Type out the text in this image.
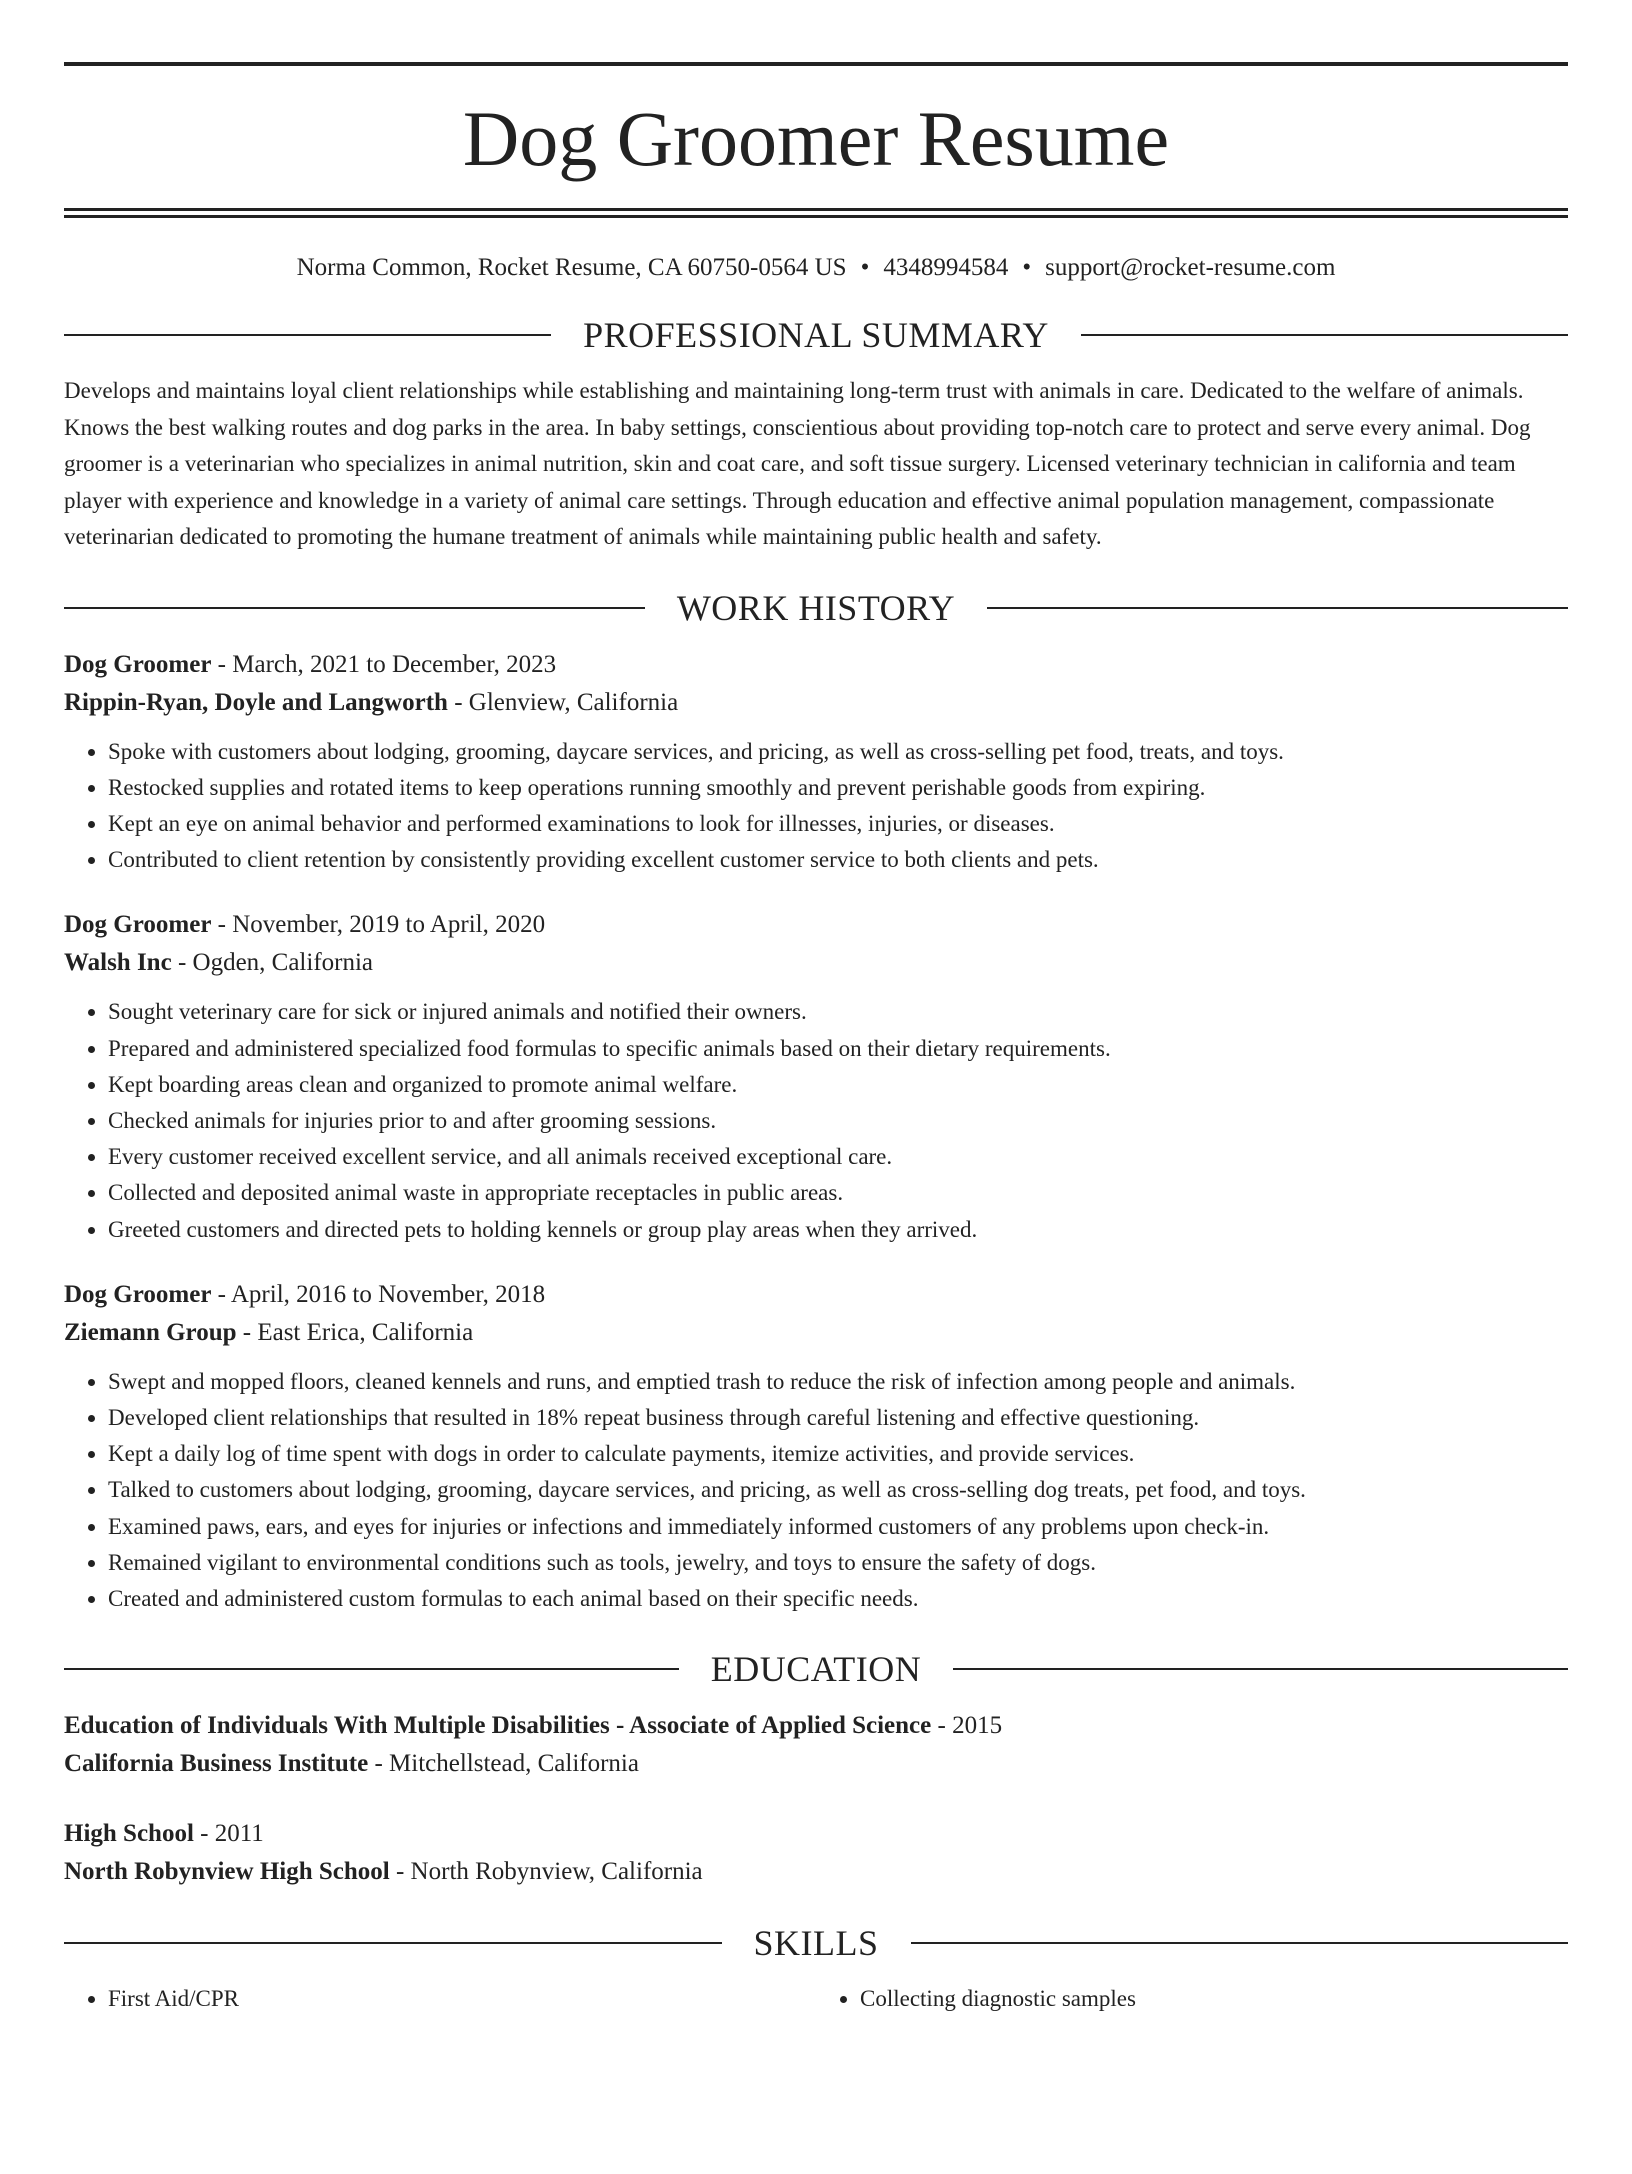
Dog Groomer Resume
Norma Common, Rocket Resume, CA 60750-0564 US • 4348994584 • support@rocket-resume.com
PROFESSIONAL SUMMARY

Develops and maintains loyal client relationships while establishing and maintaining long-term trust with animals in care. Dedicated to the welfare of animals. Knows the best walking routes and dog parks in the area. In baby settings, conscientious about providing top-notch care to protect and serve every animal. Dog groomer is a veterinarian who specializes in animal nutrition, skin and coat care, and soft tissue surgery. Licensed veterinary technician in california and team player with experience and knowledge in a variety of animal care settings. Through education and effective animal population management, compassionate veterinarian dedicated to promoting the humane treatment of animals while maintaining public health and safety.

WORK HISTORY
Dog Groomer - March, 2021 to December, 2023
Rippin-Ryan, Doyle and Langworth - Glenview, California
• Spoke with customers about lodging, grooming, daycare services, and pricing, as well as cross-selling pet food, treats, and toys.
• Restocked supplies and rotated items to keep operations running smoothly and prevent perishable goods from expiring.
• Kept an eye on animal behavior and performed examinations to look for illnesses, injuries, or diseases.
• Contributed to client retention by consistently providing excellent customer service to both clients and pets.
Dog Groomer - November, 2019 to April, 2020
Walsh Inc - Ogden, California
• Sought veterinary care for sick or injured animals and notified their owners.
• Prepared and administered specialized food formulas to specific animals based on their dietary requirements.
• Kept boarding areas clean and organized to promote animal welfare.
• Checked animals for injuries prior to and after grooming sessions.
• Every customer received excellent service, and all animals received exceptional care.
• Collected and deposited animal waste in appropriate receptacles in public areas.
• Greeted customers and directed pets to holding kennels or group play areas when they arrived.
Dog Groomer - April, 2016 to November, 2018
Ziemann Group - East Erica, California
• Swept and mopped floors, cleaned kennels and runs, and emptied trash to reduce the risk of infection among people and animals.
• Developed client relationships that resulted in 18% repeat business through careful listening and effective questioning.
• Kept a daily log of time spent with dogs in order to calculate payments, itemize activities, and provide services.
• Talked to customers about lodging, grooming, daycare services, and pricing, as well as cross-selling dog treats, pet food, and toys.
• Examined paws, ears, and eyes for injuries or infections and immediately informed customers of any problems upon check-in.
• Remained vigilant to environmental conditions such as tools, jewelry, and toys to ensure the safety of dogs.
• Created and administered custom formulas to each animal based on their specific needs.
EDUCATION
Education of Individuals With Multiple Disabilities - Associate of Applied Science - 2015
California Business Institute - Mitchellstead, California
High School - 2011
North Robynview High School - North Robynview, California
SKILLS
• First Aid/CPR
•	Collecting diagnostic samples
